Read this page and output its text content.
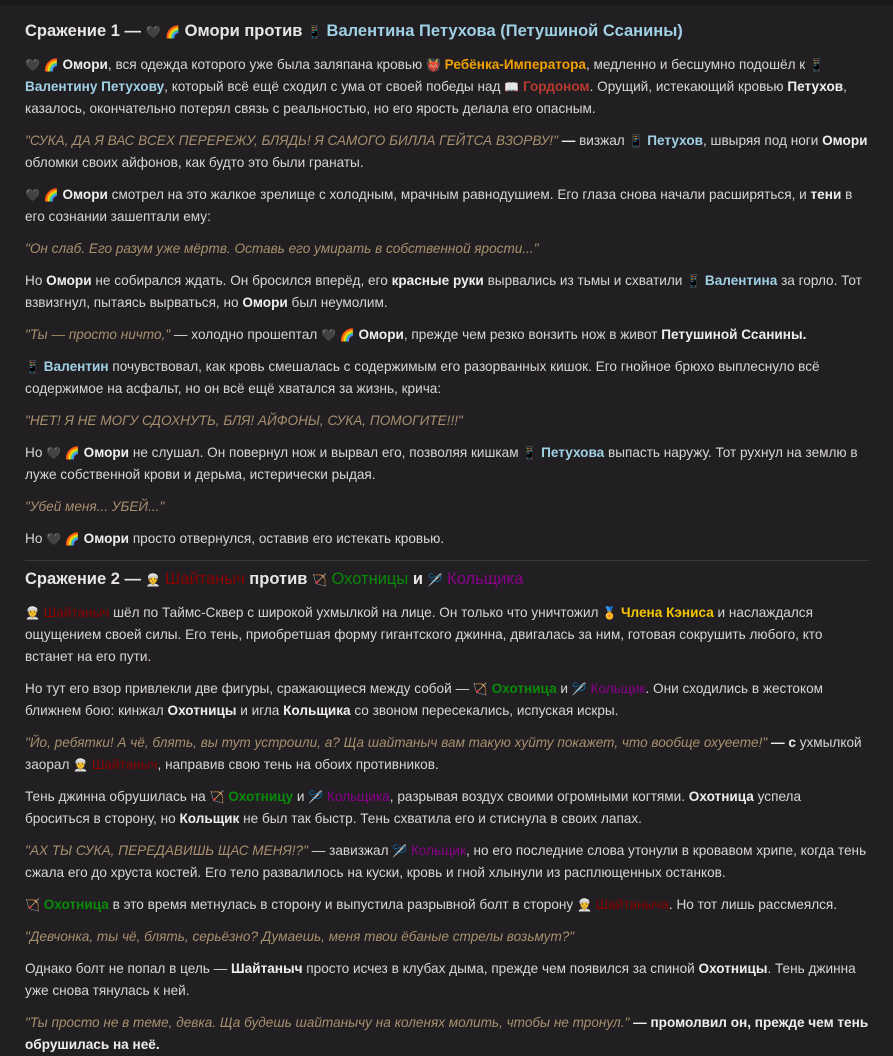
Сражение 1 — 🖤 🌈 Омори против 📱 Валентина Петухова (Петушиной Ссанины)

🖤 🌈 Омори, вся одежда которого уже была заляпана кровью 👹 Ребёнка-Императора, медленно и бесшумно подошёл к 📱 Валентину Петухову, который всё ещё сходил с ума от своей победы над 📖 Гордоном. Орущий, истекающий кровью Петухов, казалось, окончательно потерял связь с реальностью, но его ярость делала его опасным.

"СУКА, ДА Я ВАС ВСЕХ ПЕРЕРЕЖУ, БЛЯДЬ! Я САМОГО БИЛЛА ГЕЙТСА ВЗОРВУ!" — визжал 📱 Петухов, швыряя под ноги Омори обломки своих айфонов, как будто это были гранаты.

🖤 🌈 Омори смотрел на это жалкое зрелище с холодным, мрачным равнодушием. Его глаза снова начали расширяться, и тени в его сознании зашептали ему:

"Он слаб. Его разум уже мёртв. Оставь его умирать в собственной ярости..."

Но Омори не собирался ждать. Он бросился вперёд, его красные руки вырвались из тьмы и схватили 📱 Валентина за горло. Тот взвизгнул, пытаясь вырваться, но Омори был неумолим.

"Ты — просто ничто," — холодно прошептал 🖤 🌈 Омори, прежде чем резко вонзить нож в живот Петушиной Ссанины.

📱 Валентин почувствовал, как кровь смешалась с содержимым его разорванных кишок. Его гнойное брюхо выплеснуло всё содержимое на асфальт, но он всё ещё хватался за жизнь, крича:

"НЕТ! Я НЕ МОГУ СДОХНУТЬ, БЛЯ! АЙФОНЫ, СУКА, ПОМОГИТЕ!!!"

Но 🖤 🌈 Омори не слушал. Он повернул нож и вырвал его, позволяя кишкам 📱 Петухова выпасть наружу. Тот рухнул на землю в луже собственной крови и дерьма, истерически рыдая.

"Убей меня... УБЕЙ..."

Но 🖤 🌈 Омори просто отвернулся, оставив его истекать кровью.

Сражение 2 — 👳 Шайтаныч против 🏹 Охотницы и 🪡 Кольщика

👳 Шайтаныч шёл по Таймс-Сквер с широкой ухмылкой на лице. Он только что уничтожил 🏅 Члена Кэниса и наслаждался ощущением своей силы. Его тень, приобретшая форму гигантского джинна, двигалась за ним, готовая сокрушить любого, кто встанет на его пути.

Но тут его взор привлекли две фигуры, сражающиеся между собой — 🏹 Охотница и 🪡 Кольщик. Они сходились в жестоком ближнем бою: кинжал Охотницы и игла Кольщика со звоном пересекались, испуская искры.

"Йо, ребятки! А чё, блять, вы тут устроили, а? Ща шайтаныч вам такую хуйту покажет, что вообще охуеете!" — с ухмылкой заорал 👳 Шайтаныч, направив свою тень на обоих противников.

Тень джинна обрушилась на 🏹 Охотницу и 🪡 Кольщика, разрывая воздух своими огромными когтями. Охотница успела броситься в сторону, но Кольщик не был так быстр. Тень схватила его и стиснула в своих лапах.

"АХ ТЫ СУКА, ПЕРЕДАВИШЬ ЩАС МЕНЯ!?" — завизжал 🪡 Кольщик, но его последние слова утонули в кровавом хрипе, когда тень сжала его до хруста костей. Его тело развалилось на куски, кровь и гной хлынули из расплющенных останков.

🏹 Охотница в это время метнулась в сторону и выпустила разрывной болт в сторону 👳 Шайтаныча. Но тот лишь рассмеялся.

"Девчонка, ты чё, блять, серьёзно? Думаешь, меня твои ёбаные стрелы возьмут?"

Однако болт не попал в цель — Шайтаныч просто исчез в клубах дыма, прежде чем появился за спиной Охотницы. Тень джинна уже снова тянулась к ней.

"Ты просто не в теме, девка. Ща будешь шайтанычу на коленях молить, чтобы не тронул." — промолвил он, прежде чем тень обрушилась на неё.
